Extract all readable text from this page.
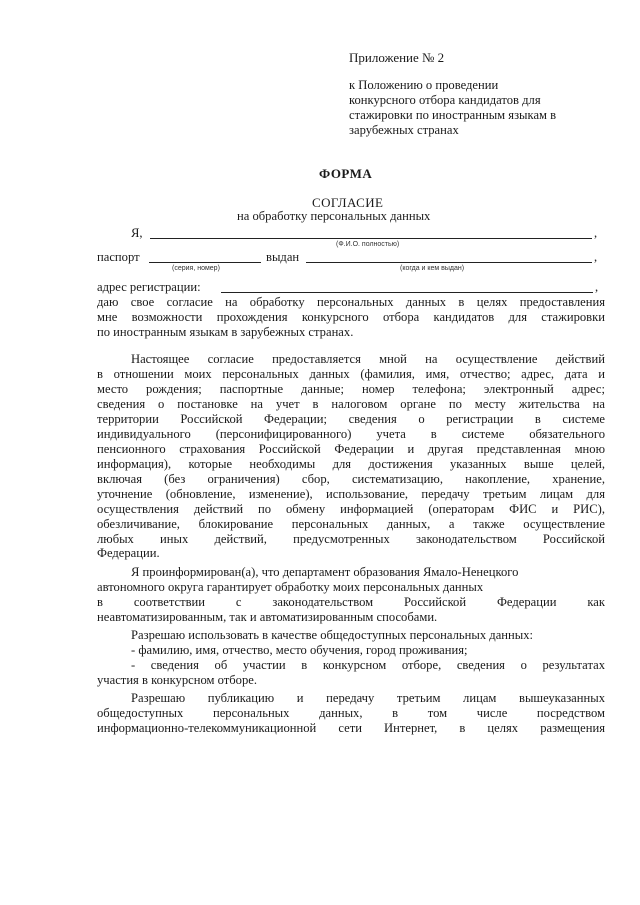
Приложение № 2
к Положению о проведении
конкурсного отбора кандидатов для
стажировки по иностранным языкам в
зарубежных странах
ФОРМА
СОГЛАСИЕ
на обработку персональных данных
Я,	,
(Ф.И.О. полностью)
паспорт	выдан	,
(серия, номер)	(когда и кем выдан)
адрес регистрации:	,
даю свое согласие на обработку персональных данных в целях предоставления
мне возможности прохождения конкурсного отбора кандидатов для стажировки
по иностранным языкам в зарубежных странах.
Настоящее согласие предоставляется мной на осуществление действий
в отношении моих персональных данных (фамилия, имя, отчество; адрес, дата и
место рождения; паспортные данные; номер телефона; электронный адрес;
сведения о постановке на учет в налоговом органе по месту жительства на
территории Российской Федерации; сведения о регистрации в системе
индивидуального (персонифицированного) учета в системе обязательного
пенсионного страхования Российской Федерации и другая представленная мною
информация), которые необходимы для достижения указанных выше целей,
включая (без ограничения) сбор, систематизацию, накопление, хранение,
уточнение (обновление, изменение), использование, передачу третьим лицам для
осуществления действий по обмену информацией (операторам ФИС и РИС),
обезличивание, блокирование персональных данных, а также осуществление
любых иных действий, предусмотренных законодательством Российской
Федерации.
Я проинформирован(а), что департамент образования Ямало-Ненецкого
автономного округа гарантирует обработку моих персональных данных
в соответствии с законодательством Российской Федерации как
неавтоматизированным, так и автоматизированным способами.
Разрешаю использовать в качестве общедоступных персональных данных:
- фамилию, имя, отчество, место обучения, город проживания;
- сведения об участии в конкурсном отборе, сведения о результатах
участия в конкурсном отборе.
Разрешаю публикацию и передачу третьим лицам вышеуказанных
общедоступных персональных данных, в том числе посредством
информационно-телекоммуникационной сети Интернет, в целях размещения
